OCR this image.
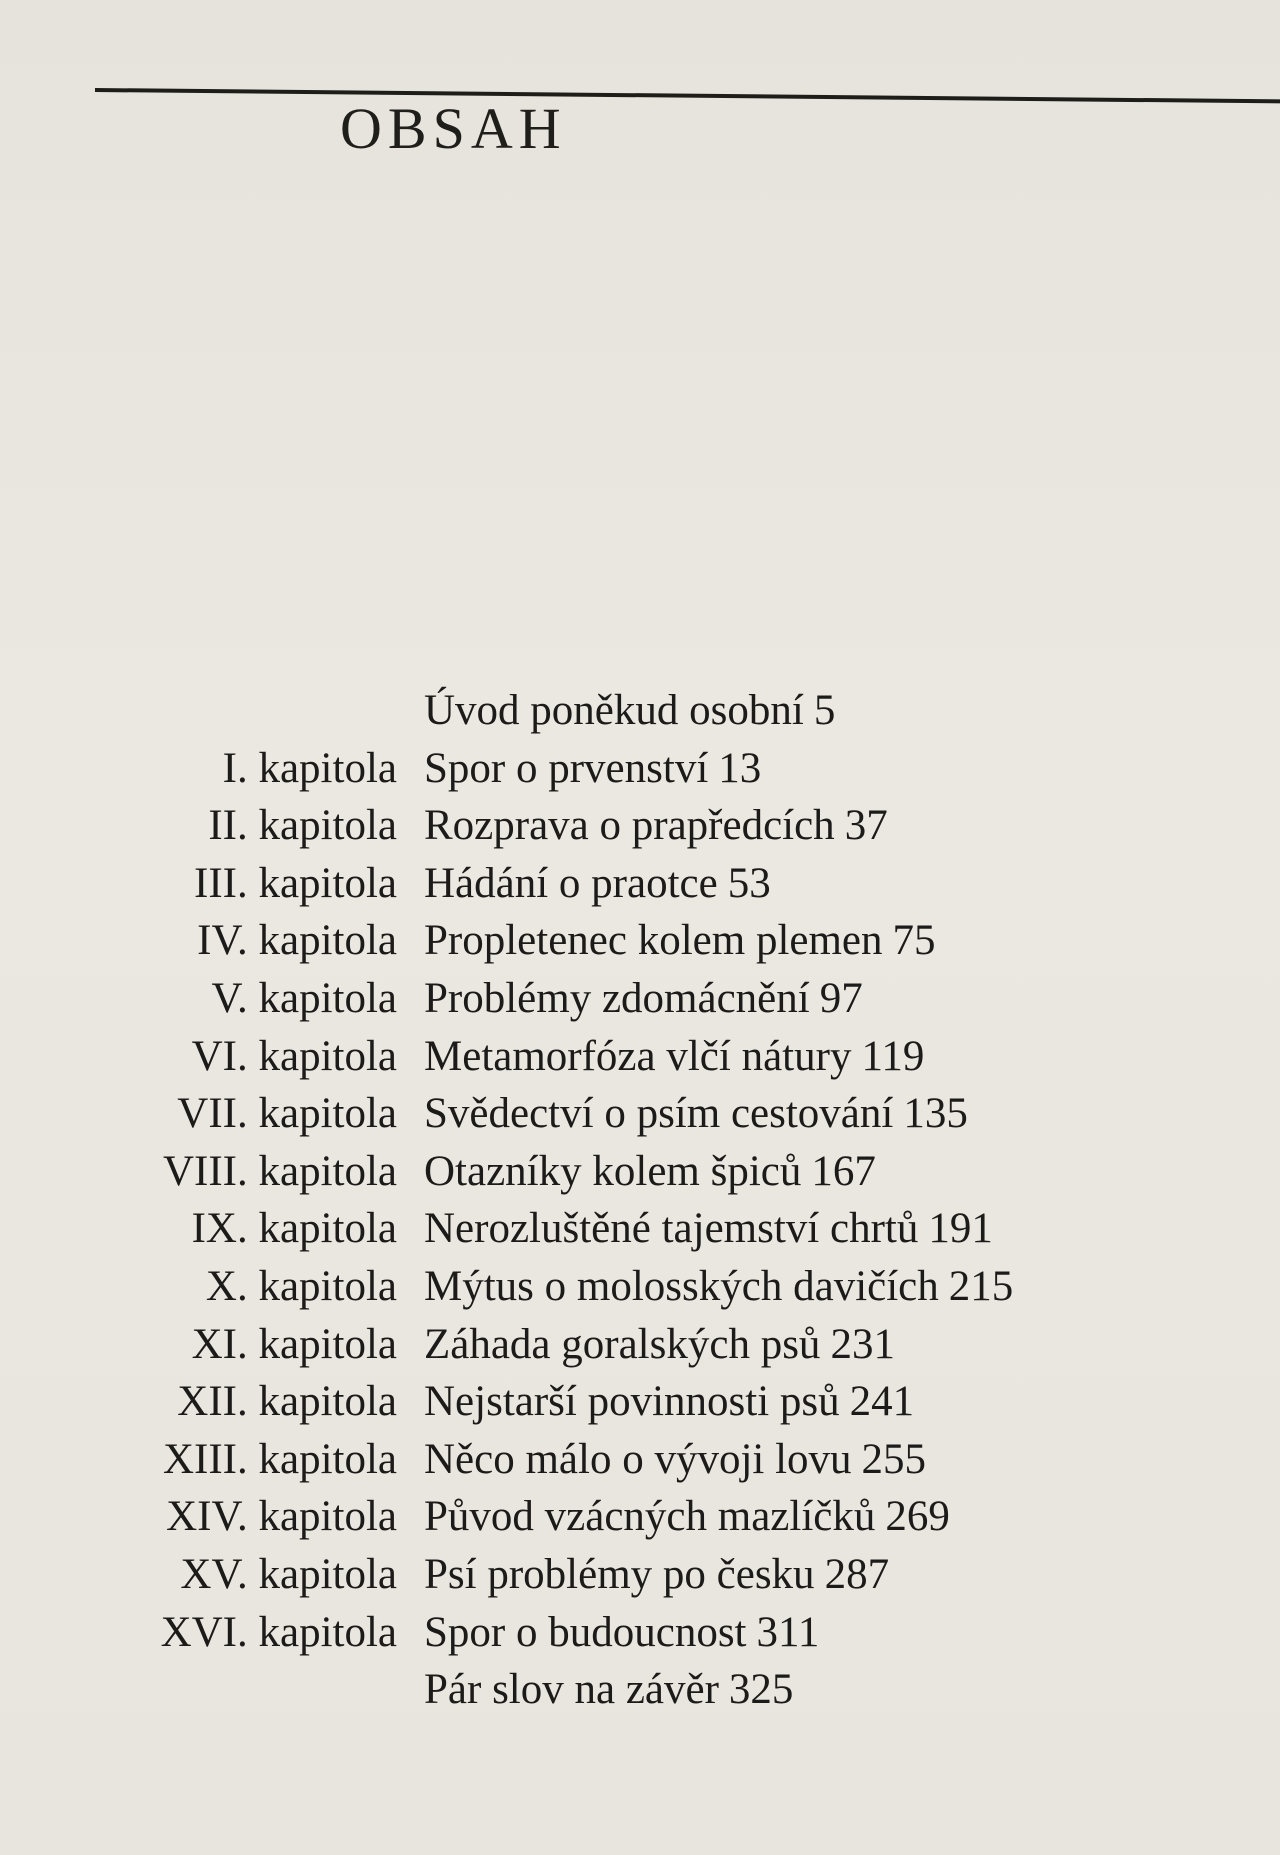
OBSAH
Úvod poněkud osobní 5
I. kapitola Spor o prvenství 13
II. kapitola Rozprava o prapředcích 37
III. kapitola Hádání o praotce 53
IV. kapitola Propletenec kolem plemen 75
V. kapitola Problémy zdomácnění 97
VI. kapitola Metamorfóza vlčí nátury 119
VII. kapitola Svědectví o psím cestování 135
VIII. kapitola Otazníky kolem špiců 167
IX. kapitola Nerozluštěné tajemství chrtů 191
X. kapitola Mýtus o molosských davičích 215
XI. kapitola Záhada goralských psů 231
XII. kapitola Nejstarší povinnosti psů 241
XIII. kapitola Něco málo o vývoji lovu 255
XIV. kapitola Původ vzácných mazlíčků 269
XV. kapitola Psí problémy po česku 287
XVI. kapitola Spor o budoucnost 311
Pár slov na závěr 325
